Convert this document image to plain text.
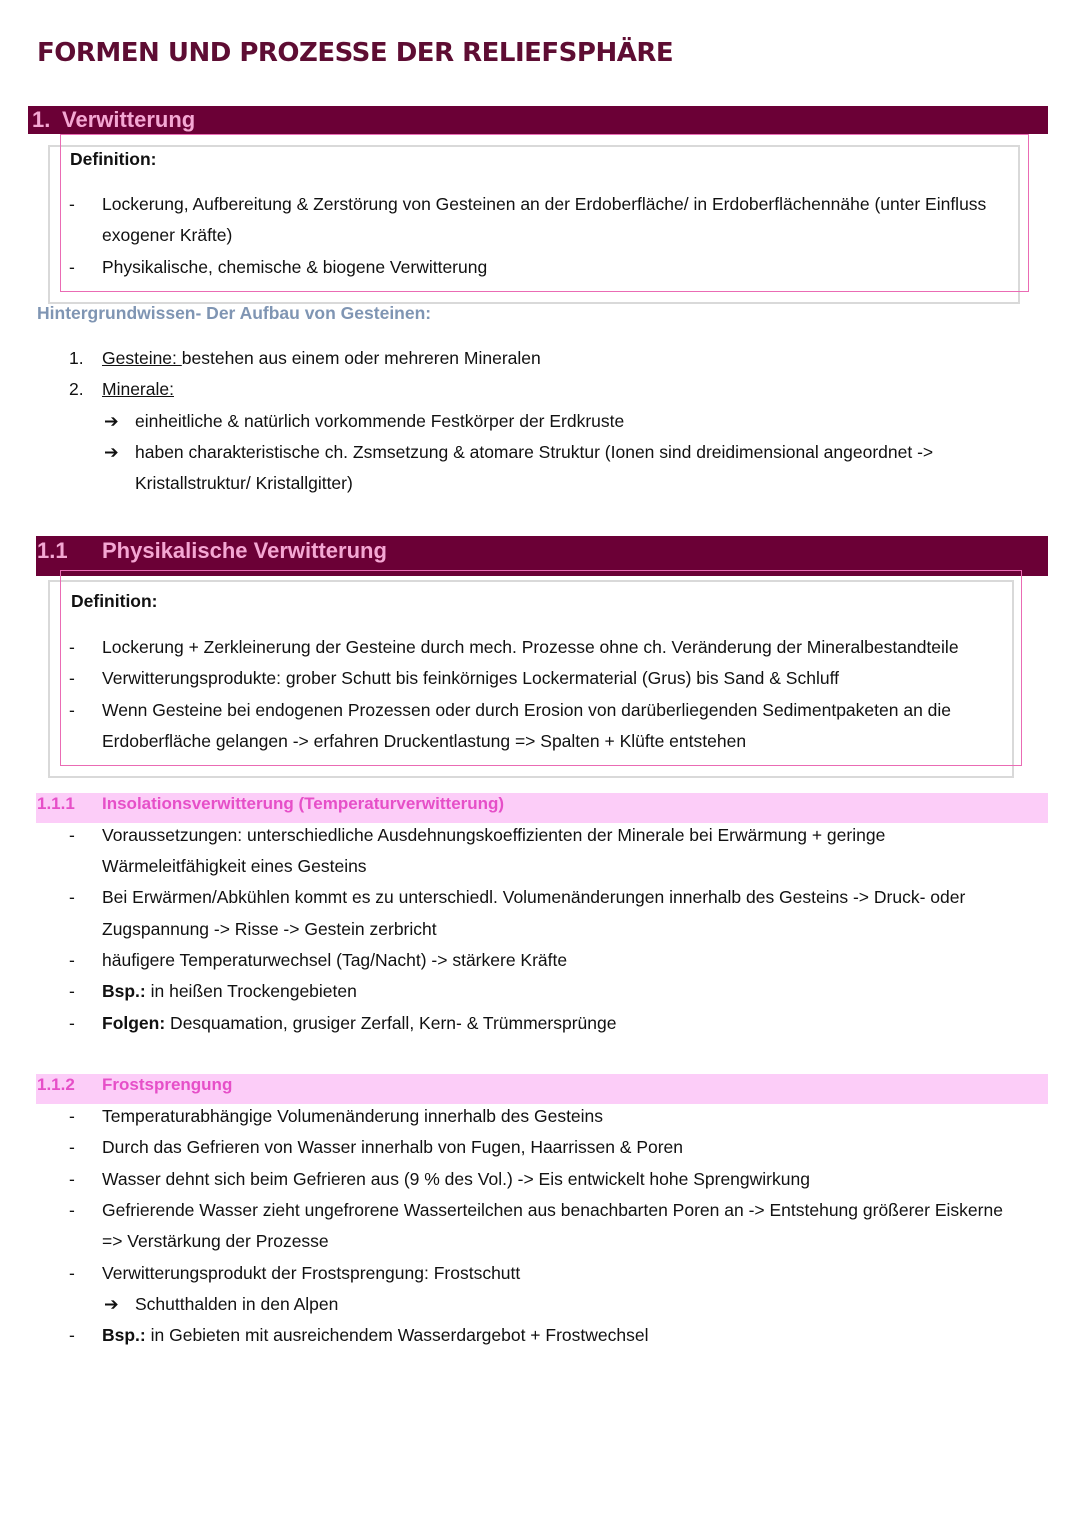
FORMEN UND PROZESSE DER RELIEFSPHÄRE
1. Verwitterung
Definition:
- Lockerung, Aufbereitung & Zerstörung von Gesteinen an der Erdoberfläche/ in Erdoberflächennähe (unter Einfluss
exogener Kräfte)
- Physikalische, chemische & biogene Verwitterung
Hintergrundwissen- Der Aufbau von Gesteinen:
1. Gesteine: bestehen aus einem oder mehreren Mineralen
2. Minerale:
➔ einheitliche & natürlich vorkommende Festkörper der Erdkruste
➔ haben charakteristische ch. Zsmsetzung & atomare Struktur (Ionen sind dreidimensional angeordnet ->
Kristallstruktur/ Kristallgitter)
1.1 Physikalische Verwitterung
Definition:
- Lockerung + Zerkleinerung der Gesteine durch mech. Prozesse ohne ch. Veränderung der Mineralbestandteile
- Verwitterungsprodukte: grober Schutt bis feinkörniges Lockermaterial (Grus) bis Sand & Schluff
- Wenn Gesteine bei endogenen Prozessen oder durch Erosion von darüberliegenden Sedimentpaketen an die
Erdoberfläche gelangen -> erfahren Druckentlastung => Spalten + Klüfte entstehen
1.1.1 Insolationsverwitterung (Temperaturverwitterung)
- Voraussetzungen: unterschiedliche Ausdehnungskoeffizienten der Minerale bei Erwärmung + geringe
Wärmeleitfähigkeit eines Gesteins
- Bei Erwärmen/Abkühlen kommt es zu unterschiedl. Volumenänderungen innerhalb des Gesteins -> Druck- oder
Zugspannung -> Risse -> Gestein zerbricht
- häufigere Temperaturwechsel (Tag/Nacht) -> stärkere Kräfte
- Bsp.: in heißen Trockengebieten
- Folgen: Desquamation, grusiger Zerfall, Kern- & Trümmersprünge
1.1.2 Frostsprengung
- Temperaturabhängige Volumenänderung innerhalb des Gesteins
- Durch das Gefrieren von Wasser innerhalb von Fugen, Haarrissen & Poren
- Wasser dehnt sich beim Gefrieren aus (9 % des Vol.) -> Eis entwickelt hohe Sprengwirkung
- Gefrierende Wasser zieht ungefrorene Wasserteilchen aus benachbarten Poren an -> Entstehung größerer Eiskerne
=> Verstärkung der Prozesse
- Verwitterungsprodukt der Frostsprengung: Frostschutt
➔ Schutthalden in den Alpen
- Bsp.: in Gebieten mit ausreichendem Wasserdargebot + Frostwechsel
